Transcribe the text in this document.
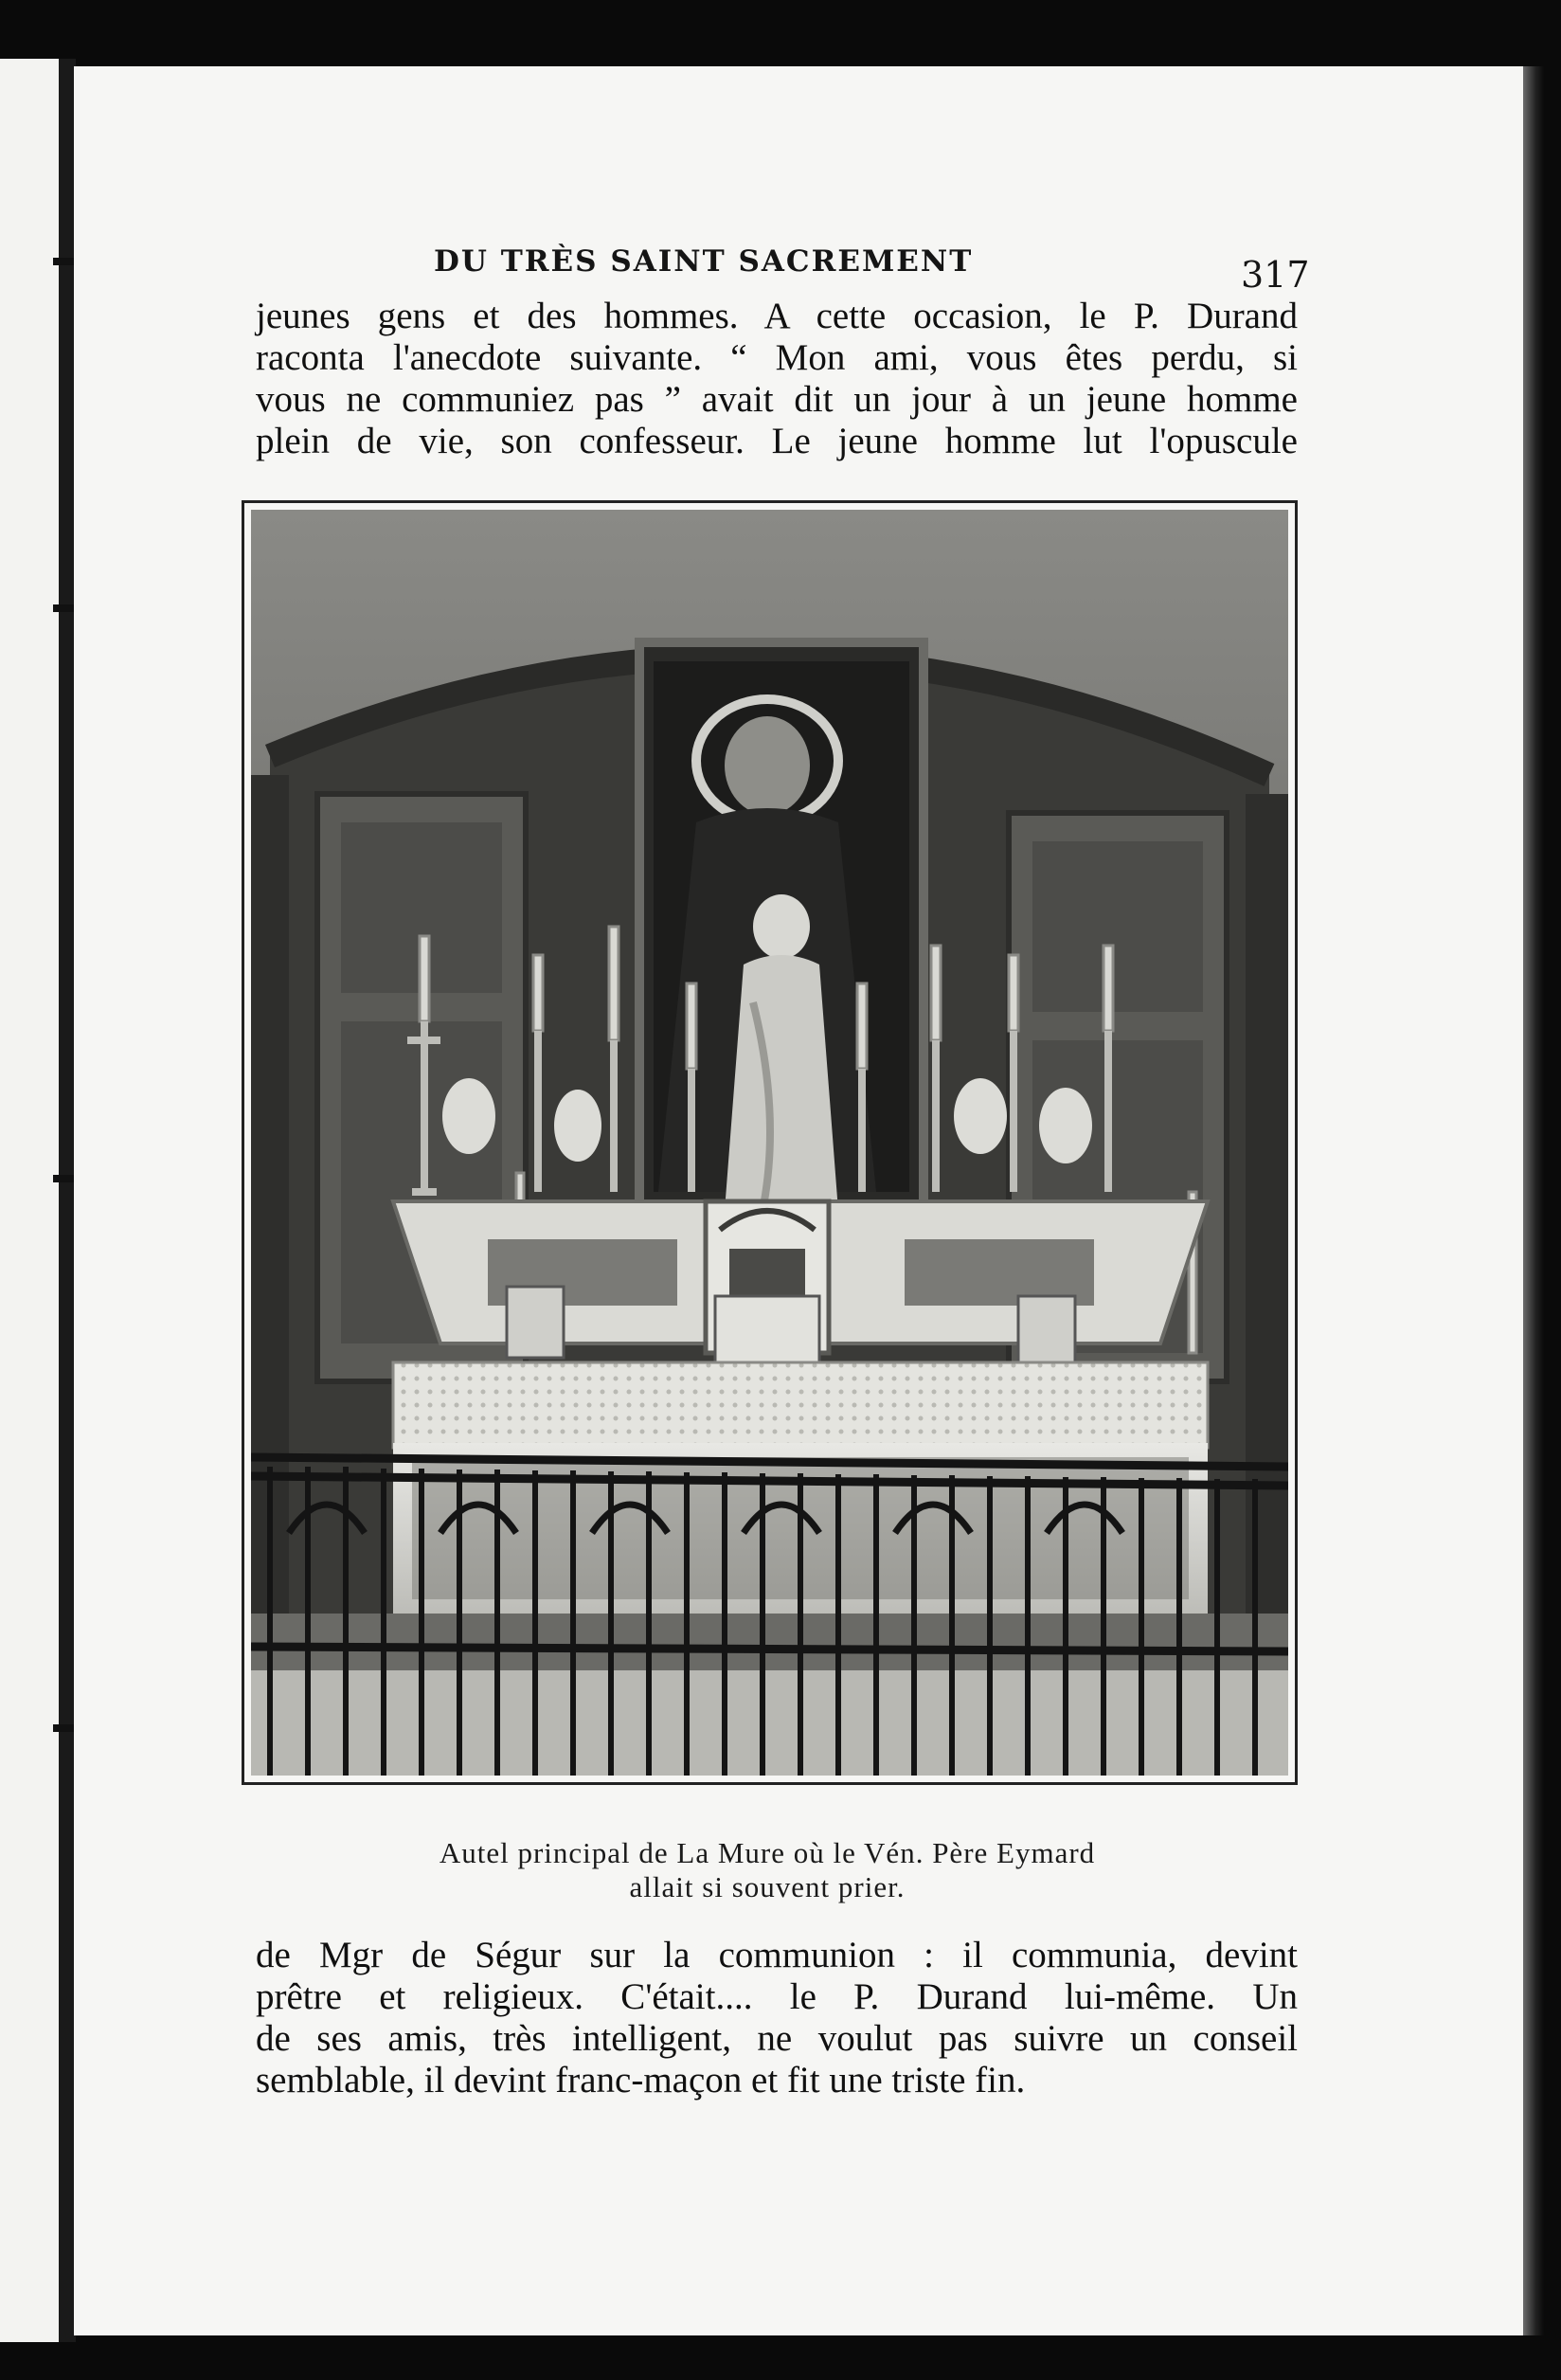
DU TRÈS SAINT SACREMENT	317

jeunes gens et des hommes. A cette occasion, le P. Durand
raconta l'anecdote suivante. “ Mon ami, vous êtes perdu, si
vous ne communiez pas ” avait dit un jour à un jeune homme
plein de vie, son confesseur. Le jeune homme lut l'opuscule

Autel principal de La Mure où le Vén. Père Eymard
allait si souvent prier.

de Mgr de Ségur sur la communion : il communia, devint
prêtre et religieux. C'était.... le P. Durand lui-même. Un
de ses amis, très intelligent, ne voulut pas suivre un conseil
semblable, il devint franc-maçon et fit une triste fin.
